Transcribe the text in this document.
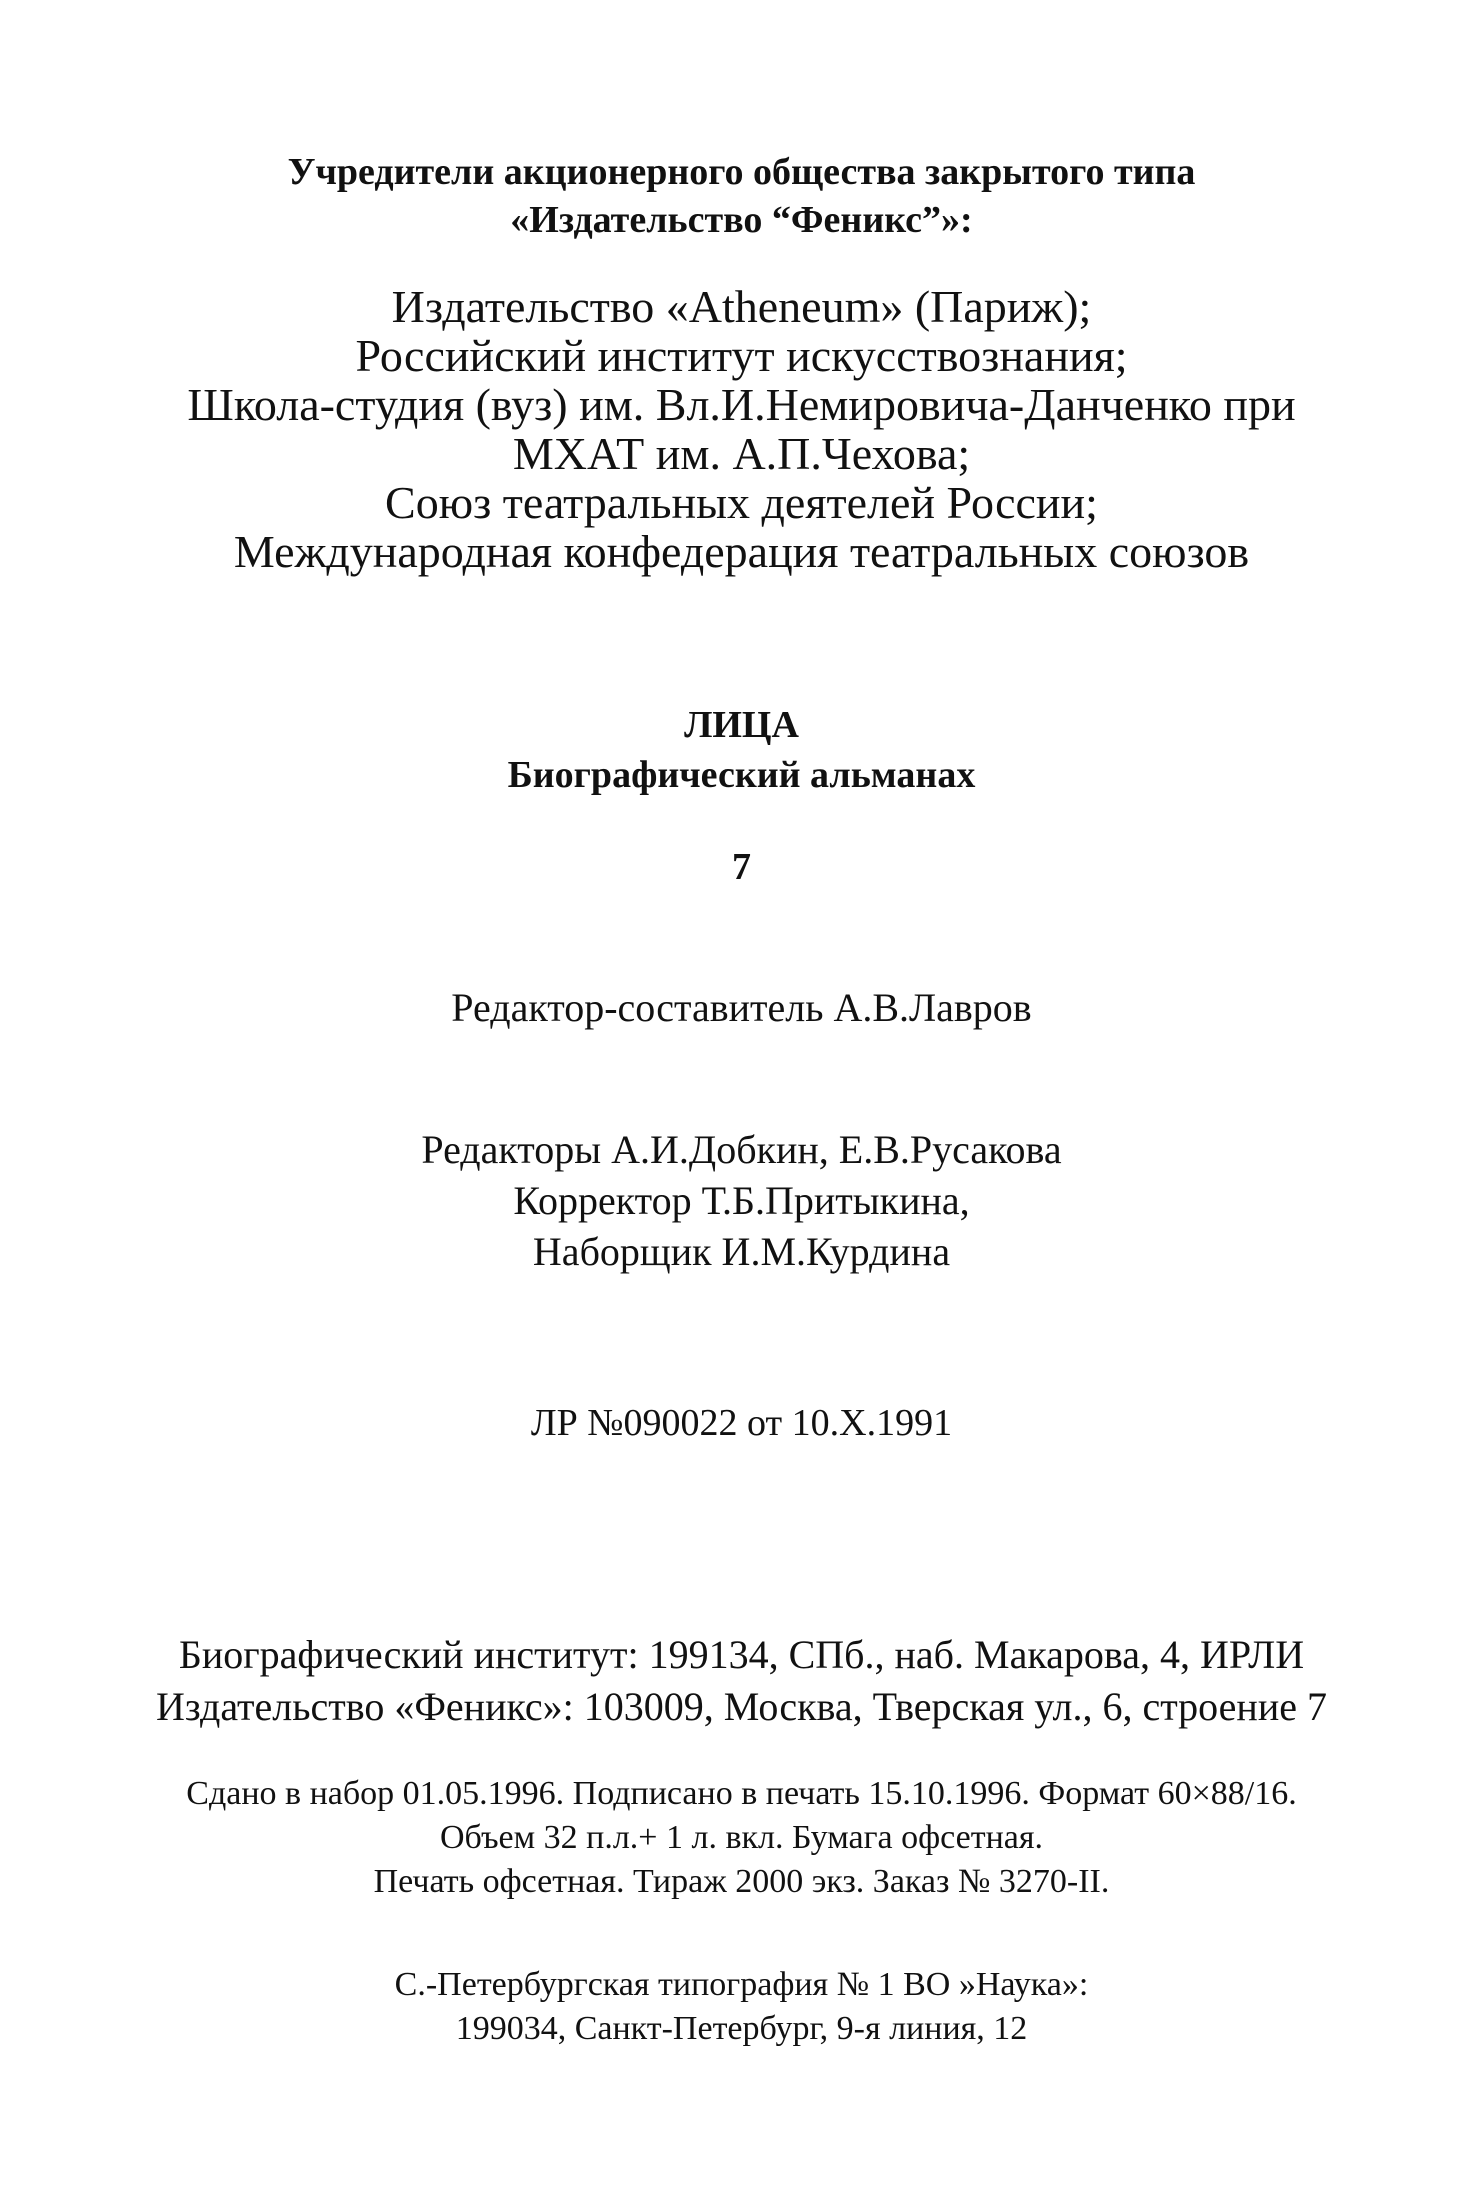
Учредители акционерного общества закрытого типа
«Издательство “Феникс”»:
Издательство «Atheneum» (Париж);
Российский институт искусствознания;
Школа-студия (вуз) им. Вл.И.Немировича-Данченко при
МХАТ им. А.П.Чехова;
Союз театральных деятелей России;
Международная конфедерация театральных союзов
ЛИЦА
Биографический альманах
7
Редактор-составитель А.В.Лавров
Редакторы А.И.Добкин, Е.В.Русакова
Корректор Т.Б.Притыкина,
Наборщик И.М.Курдина
ЛР №090022 от 10.X.1991
Биографический институт: 199134, СПб., наб. Макарова, 4, ИРЛИ
Издательство «Феникс»: 103009, Москва, Тверская ул., 6, строение 7
Сдано в набор 01.05.1996. Подписано в печать 15.10.1996. Формат 60×88/16.
Объем 32 п.л.+ 1 л. вкл. Бумага офсетная.
Печать офсетная. Тираж 2000 экз. Заказ № 3270-II.
С.-Петербургская типография № 1 ВО »Наука»:
199034, Санкт-Петербург, 9-я линия, 12
